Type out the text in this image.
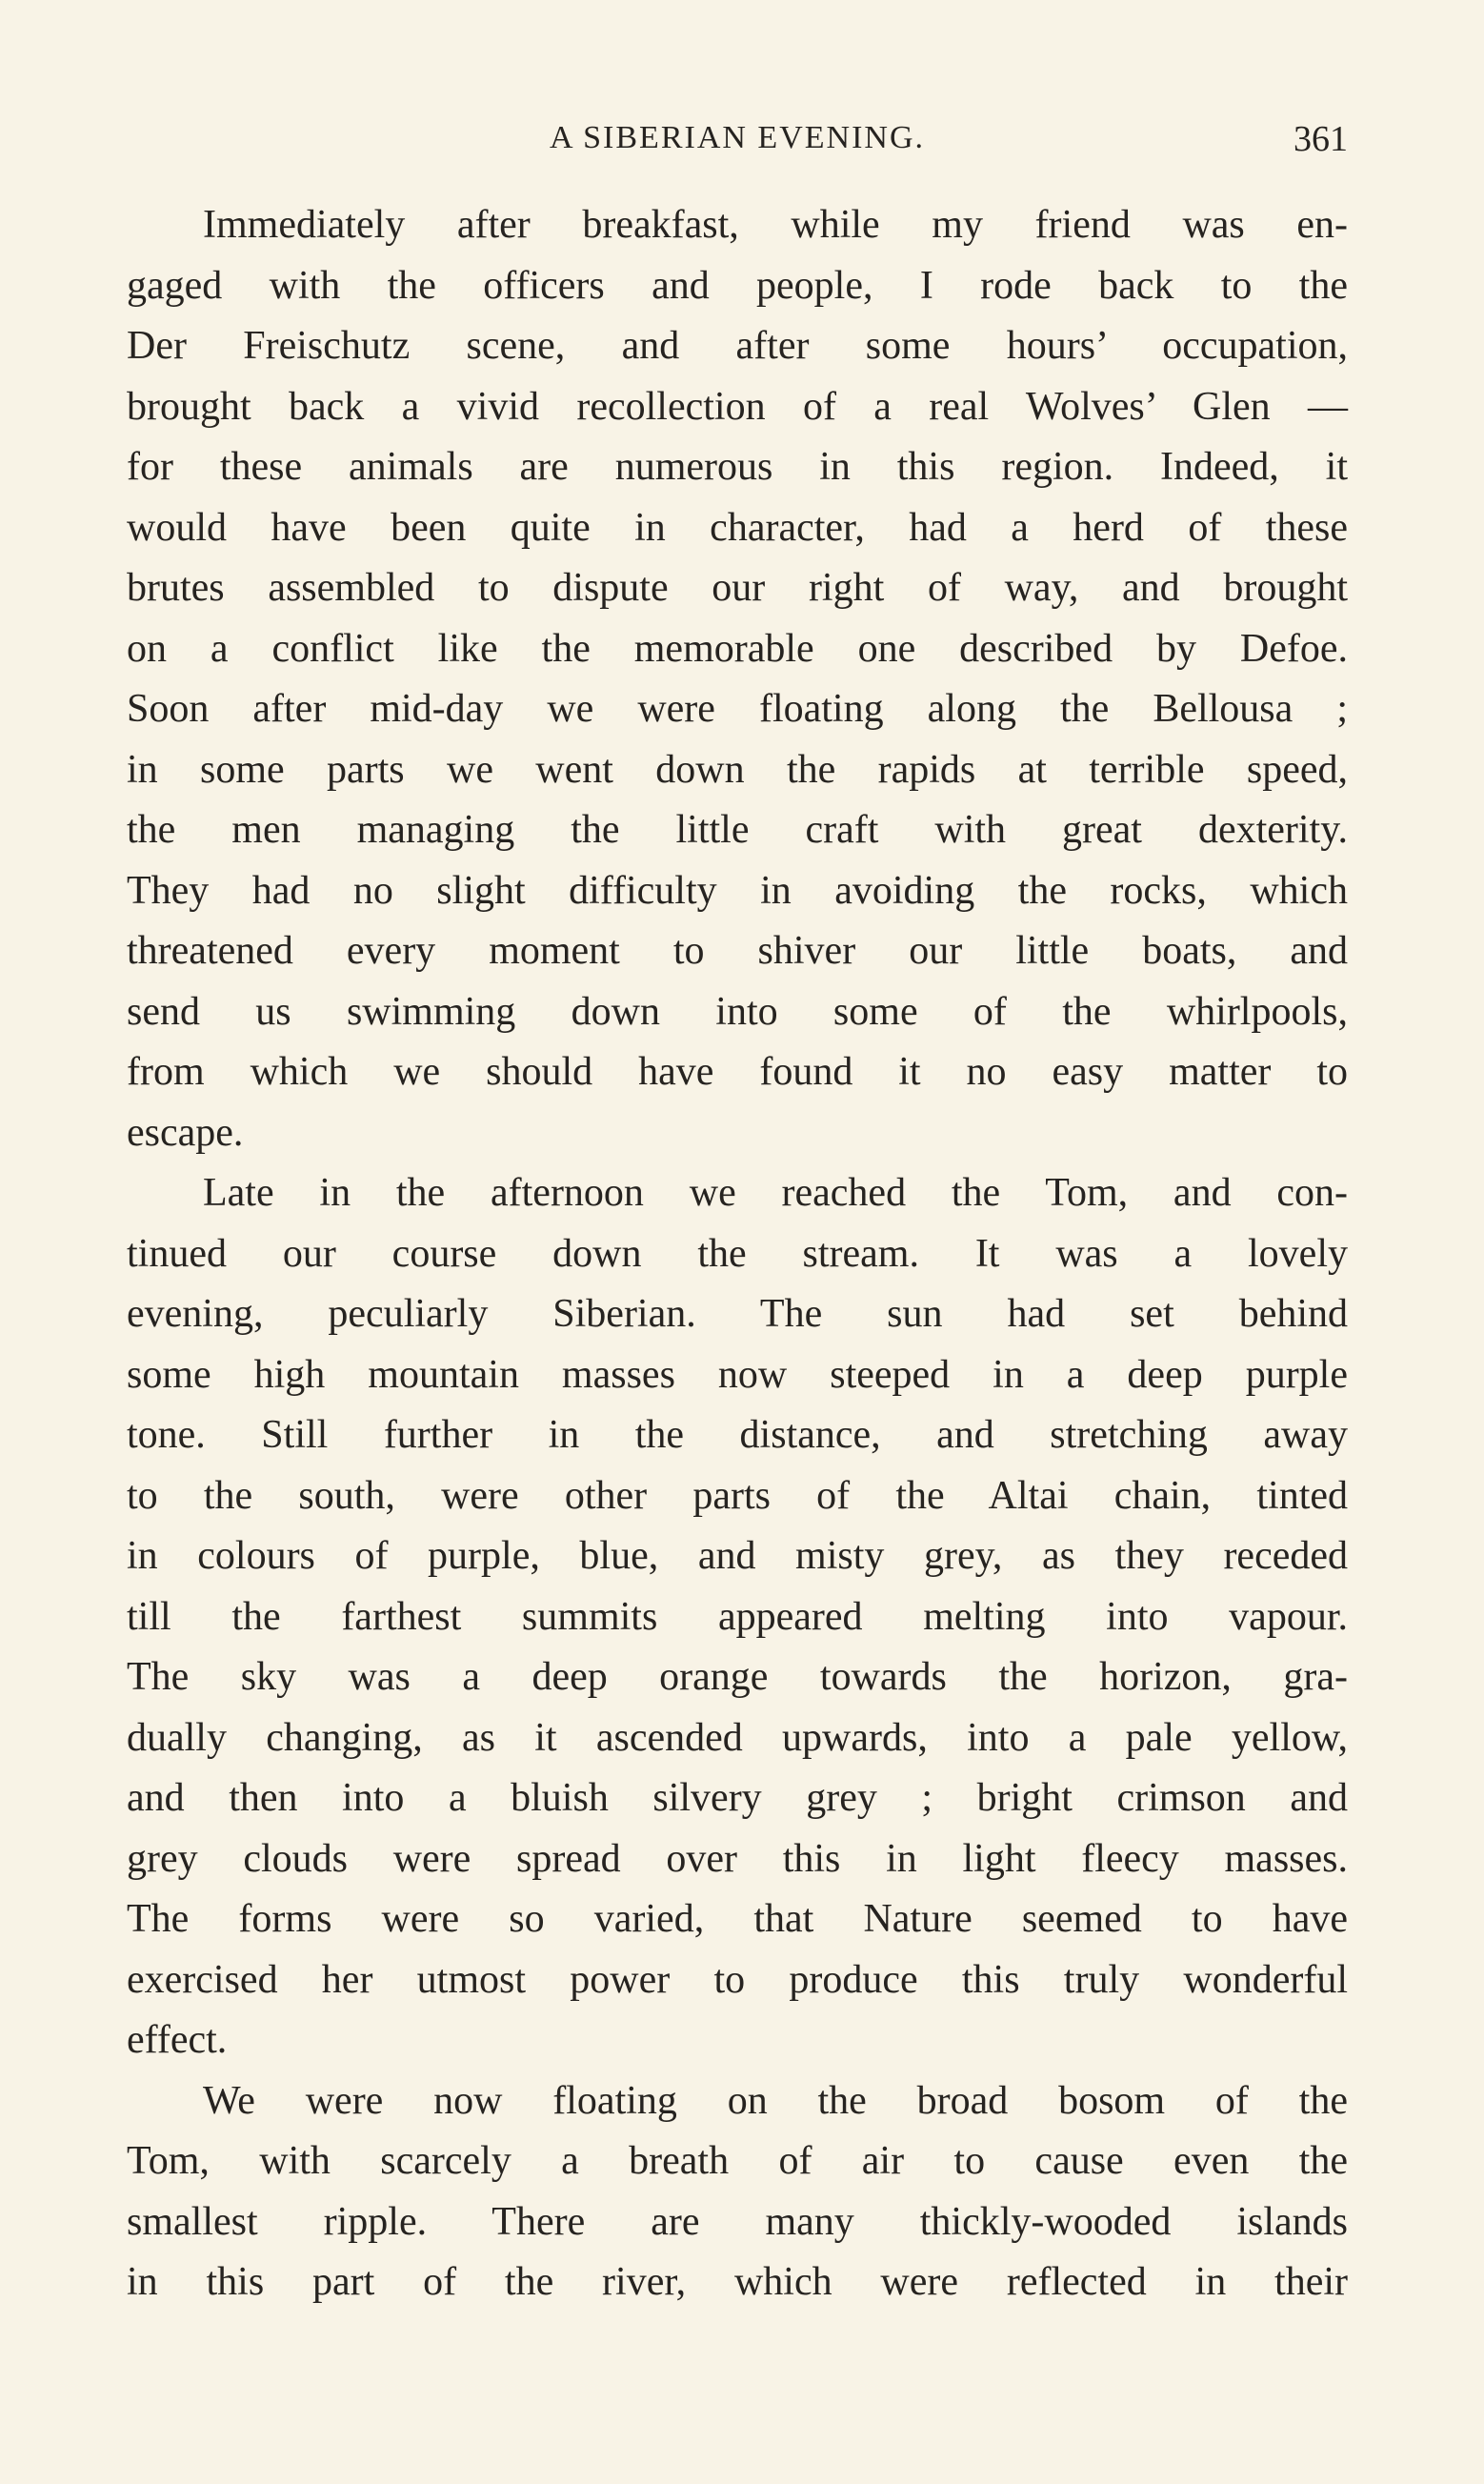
A SIBERIAN EVENING.	361
Immediately after breakfast, while my friend was en-
gaged with the officers and people, I rode back to the
Der Freischutz scene, and after some hours’ occupation,
brought back a vivid recollection of a real Wolves’ Glen —
for these animals are numerous in this region. Indeed, it
would have been quite in character, had a herd of these
brutes assembled to dispute our right of way, and brought
on a conflict like the memorable one described by Defoe.
Soon after mid-day we were floating along the Bellousa ;
in some parts we went down the rapids at terrible speed,
the men managing the little craft with great dexterity.
They had no slight difficulty in avoiding the rocks, which
threatened every moment to shiver our little boats, and
send us swimming down into some of the whirlpools,
from which we should have found it no easy matter to
escape.
Late in the afternoon we reached the Tom, and con-
tinued our course down the stream. It was a lovely
evening, peculiarly Siberian. The sun had set behind
some high mountain masses now steeped in a deep purple
tone. Still further in the distance, and stretching away
to the south, were other parts of the Altai chain, tinted
in colours of purple, blue, and misty grey, as they receded
till the farthest summits appeared melting into vapour.
The sky was a deep orange towards the horizon, gra-
dually changing, as it ascended upwards, into a pale yellow,
and then into a bluish silvery grey ; bright crimson and
grey clouds were spread over this in light fleecy masses.
The forms were so varied, that Nature seemed to have
exercised her utmost power to produce this truly wonderful
effect.
We were now floating on the broad bosom of the
Tom, with scarcely a breath of air to cause even the
smallest ripple. There are many thickly-wooded islands
in this part of the river, which were reflected in their
